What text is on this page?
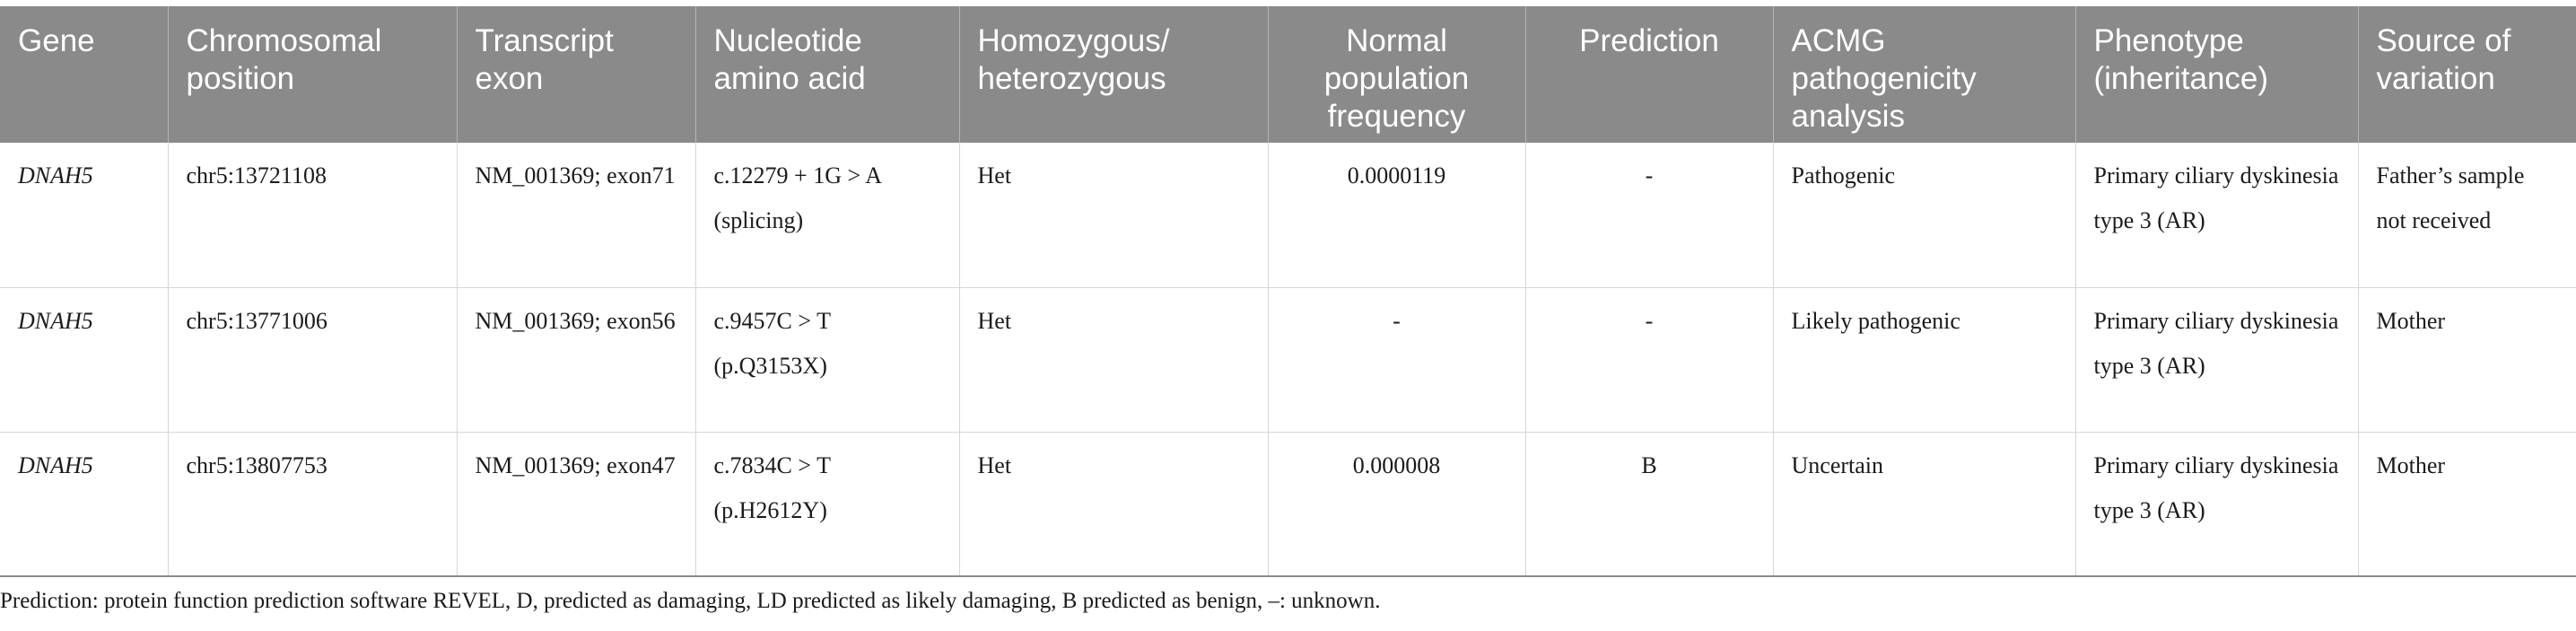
Gene	Chromosomal position	Transcript exon	Nucleotide amino acid	Homozygous/ heterozygous	Normal population frequency	Prediction	ACMG pathogenicity analysis	Phenotype (inheritance)	Source of variation
DNAH5	chr5:13721108	NM_001369; exon71	c.12279 + 1G > A (splicing)	Het	0.0000119	-	Pathogenic	Primary ciliary dyskinesia type 3 (AR)	Father’s sample not received
DNAH5	chr5:13771006	NM_001369; exon56	c.9457C > T (p.Q3153X)	Het	-	-	Likely pathogenic	Primary ciliary dyskinesia type 3 (AR)	Mother
DNAH5	chr5:13807753	NM_001369; exon47	c.7834C > T (p.H2612Y)	Het	0.000008	B	Uncertain	Primary ciliary dyskinesia type 3 (AR)	Mother
Prediction: protein function prediction software REVEL, D, predicted as damaging, LD predicted as likely damaging, B predicted as benign, –: unknown.
